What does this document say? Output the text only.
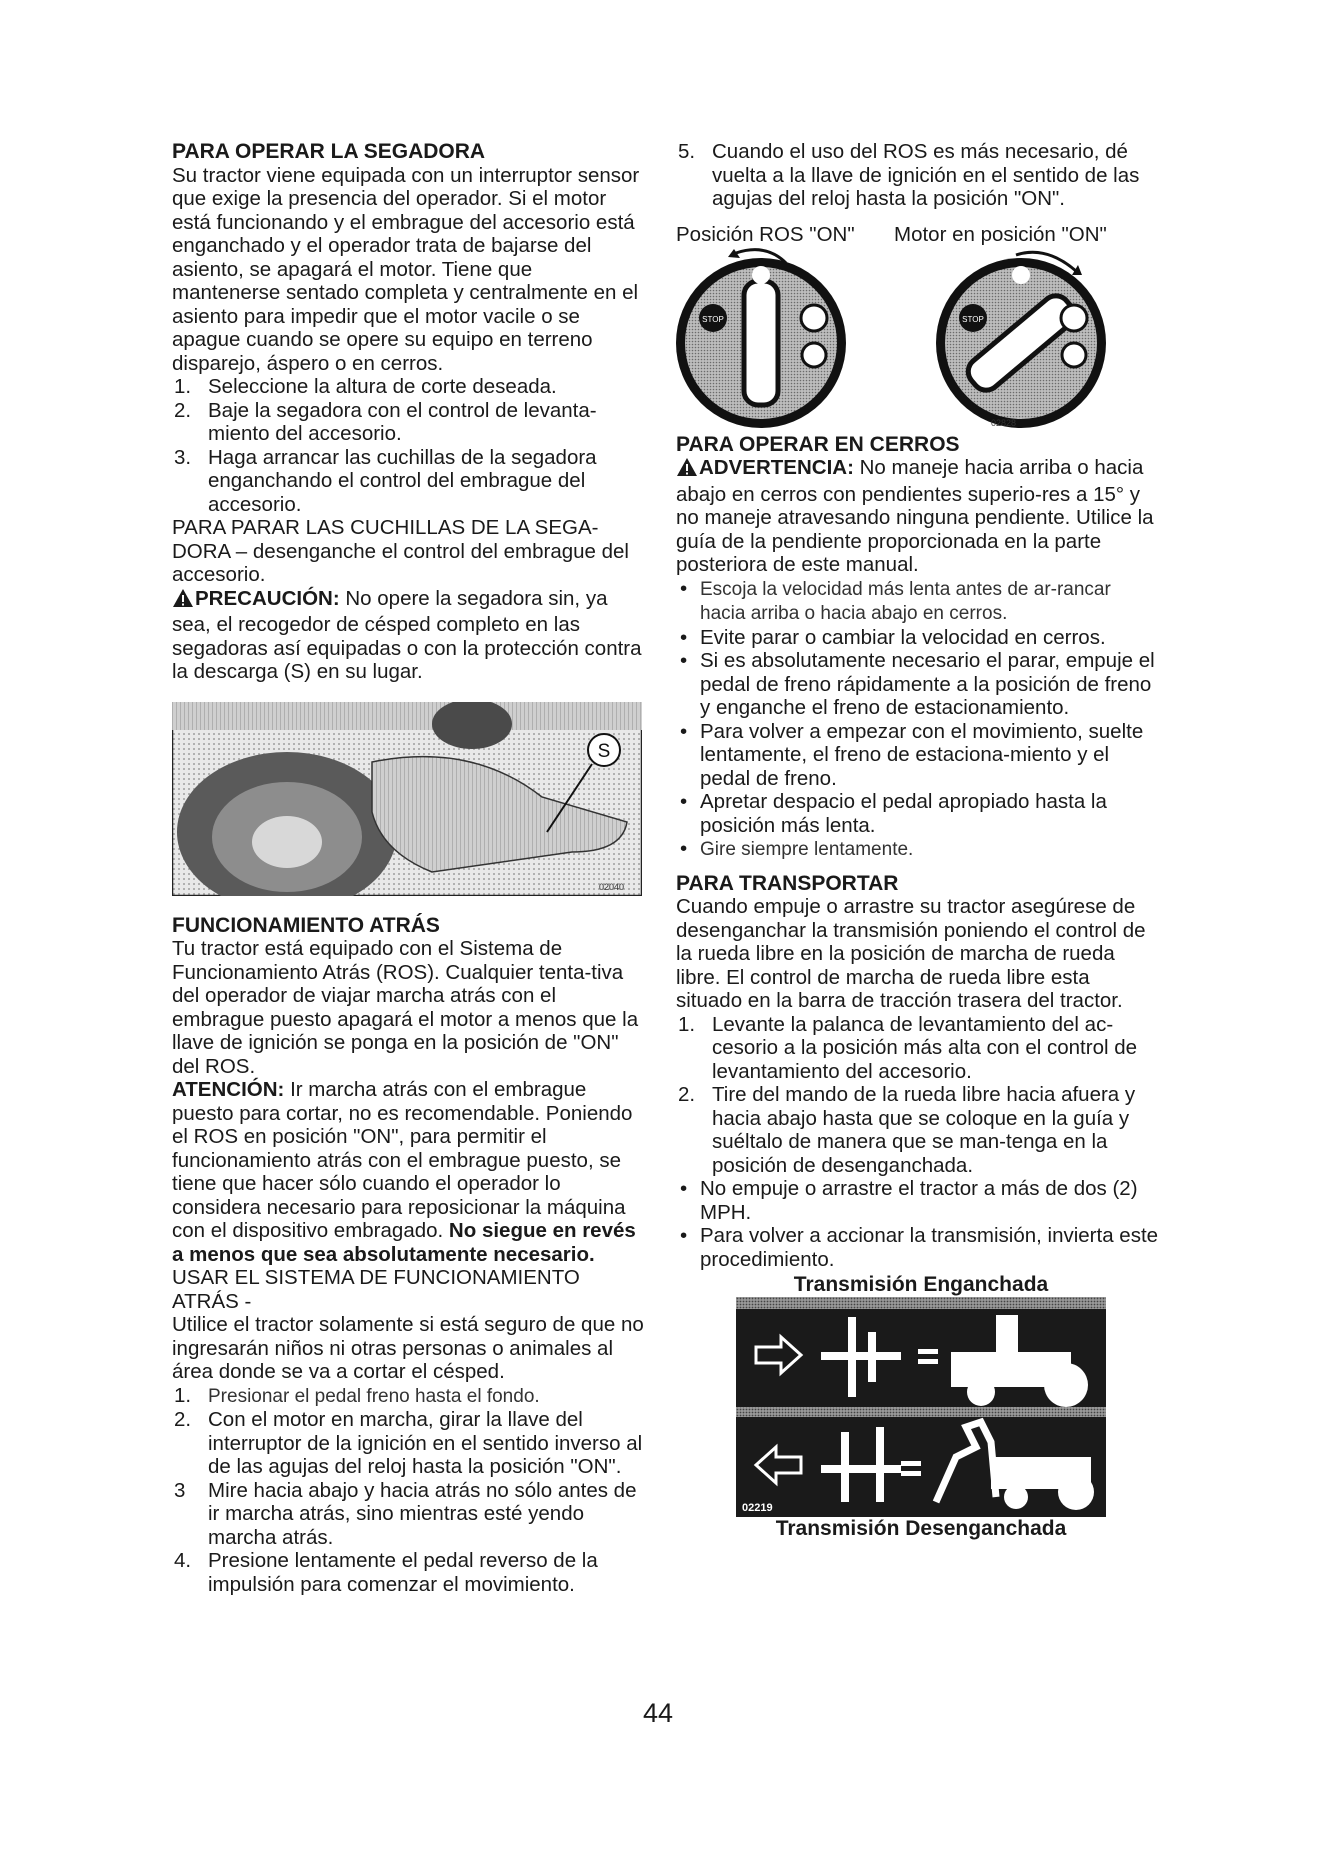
PARA OPERAR LA SEGADORA

Su tractor viene equipada con un interruptor sensor que exige la presencia del operador. Si el motor está funcionando y el embrague del accesorio está enganchado y el operador trata de bajarse del asiento, se apagará el motor. Tiene que mantenerse sentado completa y centralmente en el asiento para impedir que el motor vacile o se apague cuando se opere su equipo en terreno disparejo, áspero o en cerros.

1. Seleccione la altura de corte deseada.
2. Baje la segadora con el control de levanta-miento del accesorio.
3. Haga arrancar las cuchillas de la segadora enganchando el control del embrague del accesorio.

PARA PARAR LAS CUCHILLAS DE LA SEGA-DORA – desenganche el control del embrague del accesorio.

PRECAUCIÓN: No opere la segadora sin, ya sea, el recogedor de césped completo en las segadoras así equipadas o con la protección contra la descarga (S) en su lugar.

S
02040

FUNCIONAMIENTO ATRÁS

Tu tractor está equipado con el Sistema de Funcionamiento Atrás (ROS). Cualquier tenta-tiva del operador de viajar marcha atrás con el embrague puesto apagará el motor a menos que la llave de ignición se ponga en la posición de "ON" del ROS.

ATENCIÓN: Ir marcha atrás con el embrague puesto para cortar, no es recomendable. Poniendo el ROS en posición "ON", para permitir el funcionamiento atrás con el embrague puesto, se tiene que hacer sólo cuando el operador lo considera necesario para reposicionar la máquina con el dispositivo embragado. No siegue en revés a menos que sea absolutamente necesario.

USAR EL SISTEMA DE FUNCIONAMIENTO ATRÁS -

Utilice el tractor solamente si está seguro de que no ingresarán niños ni otras personas o animales al área donde se va a cortar el césped.

1. Presionar el pedal freno hasta el fondo.
2. Con el motor en marcha, girar la llave del interruptor de la ignición en el sentido inverso al de las agujas del reloj hasta la posición "ON".
3 Mire hacia abajo y hacia atrás no sólo antes de ir marcha atrás, sino mientras esté yendo marcha atrás.
4. Presione lentamente el pedal reverso de la impulsión para comenzar el movimiento.
5. Cuando el uso del ROS es más necesario, dé vuelta a la llave de ignición en el sentido de las agujas del reloj hasta la posición "ON".
Posición ROS "ON" Motor en posición "ON"
STOP	STOP
02828

PARA OPERAR EN CERROS

ADVERTENCIA: No maneje hacia arriba o hacia abajo en cerros con pendientes superio-res a 15° y no maneje atravesando ninguna pendiente. Utilice la guía de la pendiente proporcionada en la parte posteriora de este manual.

• Escoja la velocidad más lenta antes de ar-rancar hacia arriba o hacia abajo en cerros.
• Evite parar o cambiar la velocidad en cerros.
• Si es absolutamente necesario el parar, empuje el pedal de freno rápidamente a la posición de freno y enganche el freno de estacionamiento.
• Para volver a empezar con el movimiento, suelte lentamente, el freno de estaciona-miento y el pedal de freno.
• Apretar despacio el pedal apropiado hasta la posición más lenta.
• Gire siempre lentamente.

PARA TRANSPORTAR

Cuando empuje o arrastre su tractor asegúrese de desenganchar la transmisión poniendo el control de la rueda libre en la posición de marcha de rueda libre. El control de marcha de rueda libre esta situado en la barra de tracción trasera del tractor.

1. Levante la palanca de levantamiento del ac-cesorio a la posición más alta con el control de levantamiento del accesorio.
2. Tire del mando de la rueda libre hacia afuera y hacia abajo hasta que se coloque en la guía y suéltalo de manera que se man-tenga en la posición de desenganchada.
• No empuje o arrastre el tractor a más de dos (2) MPH.
• Para volver a accionar la transmisión, invierta este procedimiento.
Transmisión Enganchada
02219
Transmisión Desenganchada
44
